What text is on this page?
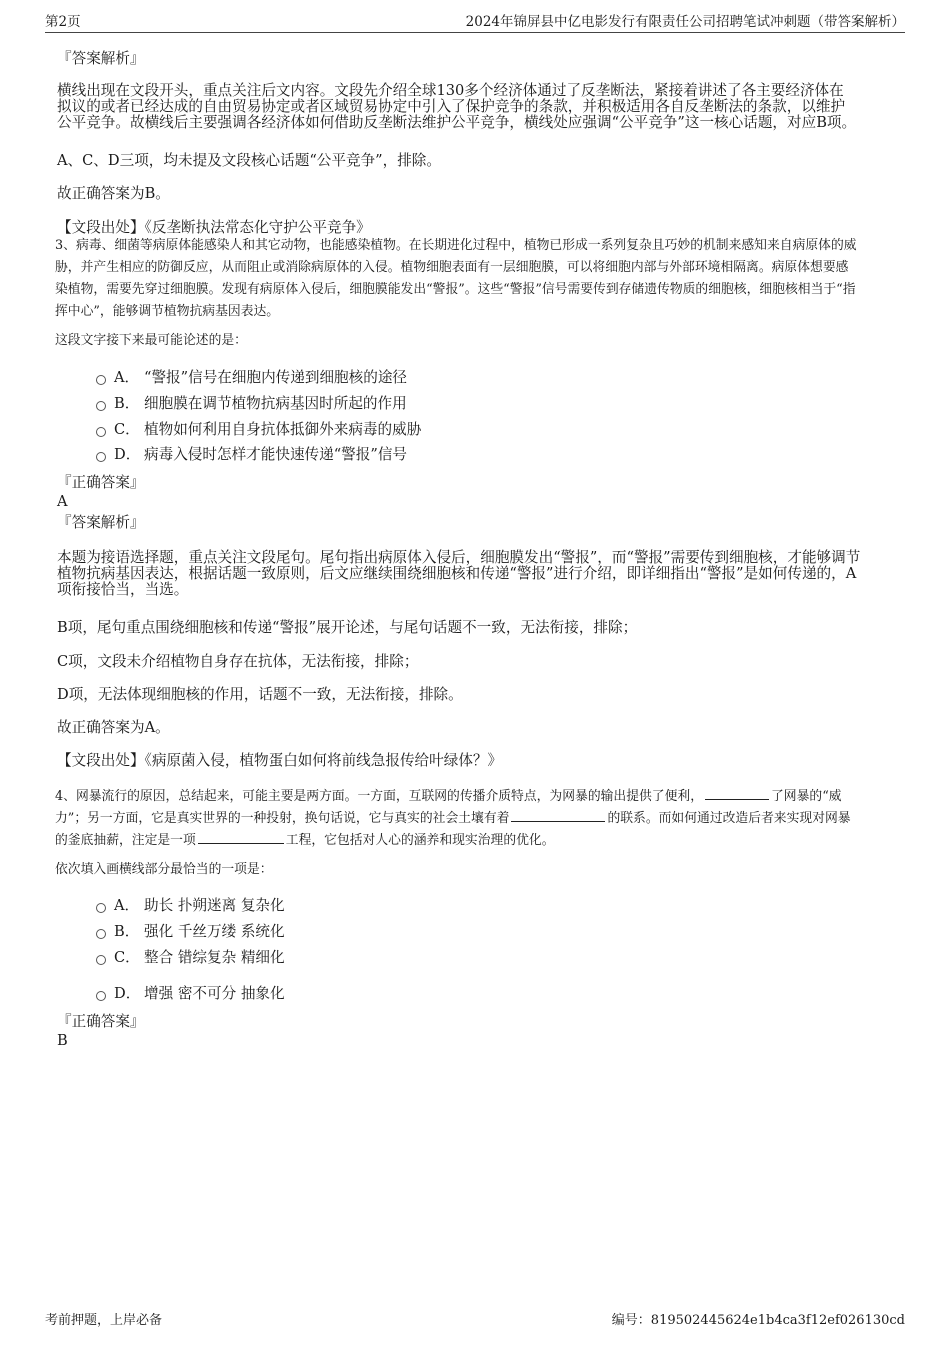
第2页	2024年锦屏县中亿电影发行有限责任公司招聘笔试冲刺题（带答案解析）
『答案解析』
横线出现在文段开头，重点关注后文内容。文段先介绍全球130多个经济体通过了反垄断法，紧接着讲述了各主要经济体在
拟议的或者已经达成的自由贸易协定或者区域贸易协定中引入了保护竞争的条款，并积极适用各自反垄断法的条款，以维护
公平竞争。故横线后主要强调各经济体如何借助反垄断法维护公平竞争，横线处应强调“公平竞争”这一核心话题，对应B项。
A、C、D三项，均未提及文段核心话题“公平竞争”，排除。
故正确答案为B。
【文段出处】《反垄断执法常态化守护公平竞争》
3、病毒、细菌等病原体能感染人和其它动物，也能感染植物。在长期进化过程中，植物已形成一系列复杂且巧妙的机制来感知来自病原体的威
胁，并产生相应的防御反应，从而阻止或消除病原体的入侵。植物细胞表面有一层细胞膜，可以将细胞内部与外部环境相隔离。病原体想要感
染植物，需要先穿过细胞膜。发现有病原体入侵后，细胞膜能发出“警报”。这些“警报”信号需要传到存储遗传物质的细胞核，细胞核相当于“指
挥中心”，能够调节植物抗病基因表达。
这段文字接下来最可能论述的是：
A． “警报”信号在细胞内传递到细胞核的途径
B． 细胞膜在调节植物抗病基因时所起的作用
C． 植物如何利用自身抗体抵御外来病毒的威胁
D． 病毒入侵时怎样才能快速传递“警报”信号
『正确答案』
A
『答案解析』
本题为接语选择题，重点关注文段尾句。尾句指出病原体入侵后，细胞膜发出“警报”，而“警报”需要传到细胞核，才能够调节
植物抗病基因表达，根据话题一致原则，后文应继续围绕细胞核和传递“警报”进行介绍，即详细指出“警报”是如何传递的，A
项衔接恰当，当选。
B项，尾句重点围绕细胞核和传递“警报”展开论述，与尾句话题不一致，无法衔接，排除；
C项，文段未介绍植物自身存在抗体，无法衔接，排除；
D项，无法体现细胞核的作用，话题不一致，无法衔接，排除。
故正确答案为A。
【文段出处】《病原菌入侵，植物蛋白如何将前线急报传给叶绿体？》
4、网暴流行的原因，总结起来，可能主要是两方面。一方面，互联网的传播介质特点，为网暴的输出提供了便利，	了网暴的“威
力”；另一方面，它是真实世界的一种投射，换句话说，它与真实的社会土壤有着	的联系。而如何通过改造后者来实现对网暴
的釜底抽薪，注定是一项	工程，它包括对人心的涵养和现实治理的优化。
依次填入画横线部分最恰当的一项是：
A． 助长 扑朔迷离 复杂化
B． 强化 千丝万缕 系统化
C． 整合 错综复杂 精细化
D． 增强 密不可分 抽象化
『正确答案』
B
考前押题，上岸必备	编号：819502445624e1b4ca3f12ef026130cd
